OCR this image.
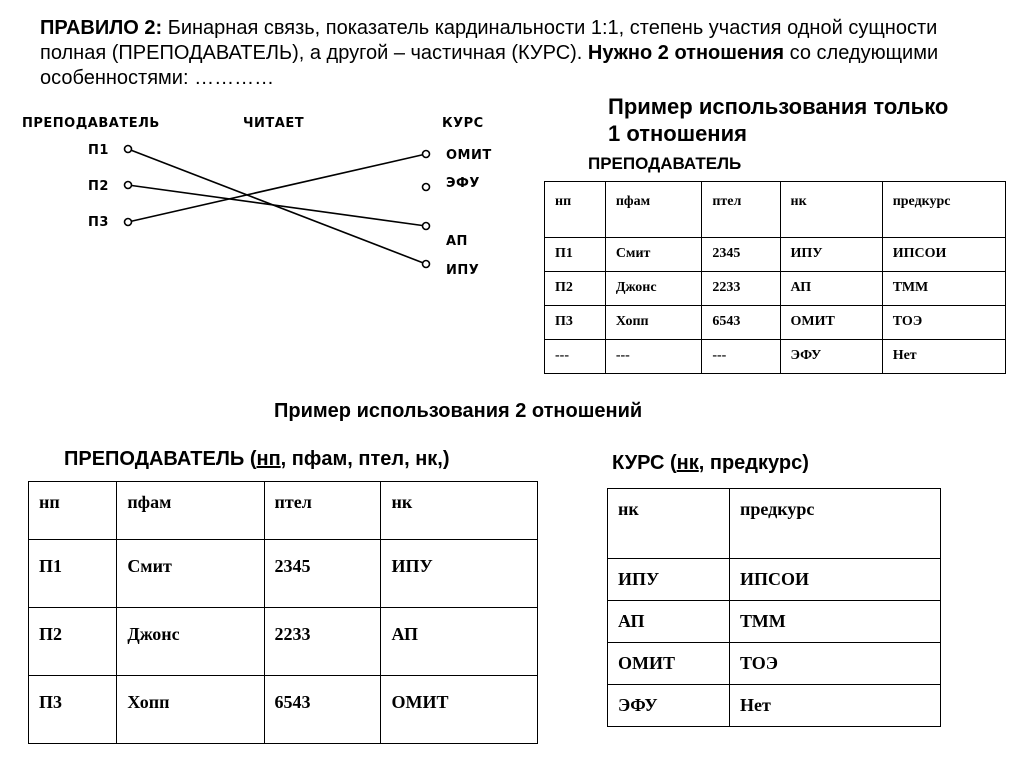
ПРАВИЛО 2: Бинарная связь, показатель кардинальности 1:1, степень участия одной сущности полная (ПРЕПОДАВАТЕЛЬ), а другой – частичная (КУРС). Нужно 2 отношения со следующими особенностями: …………
ПРЕПОДАВАТЕЛЬ	ЧИТАЕТ	КУРС
П1
П2
П3
ОМИТ
ЭФУ
АП
ИПУ
Пример использования только
1 отношения
ПРЕПОДАВАТЕЛЬ
нп	пфам	птел	нк	предкурс
П1	Смит	2345	ИПУ	ИПСОИ
П2	Джонс	2233	АП	ТММ
П3	Хопп	6543	ОМИТ	ТОЭ
---	---	---	ЭФУ	Нет
Пример использования 2 отношений
ПРЕПОДАВАТЕЛЬ (нп, пфам, птел, нк,)	КУРС (нк, предкурс)
нп	пфам	птел	нк
П1	Смит	2345	ИПУ
П2	Джонс	2233	АП
П3	Хопп	6543	ОМИТ
нк	предкурс
ИПУ	ИПСОИ
АП	ТММ
ОМИТ	ТОЭ
ЭФУ	Нет
